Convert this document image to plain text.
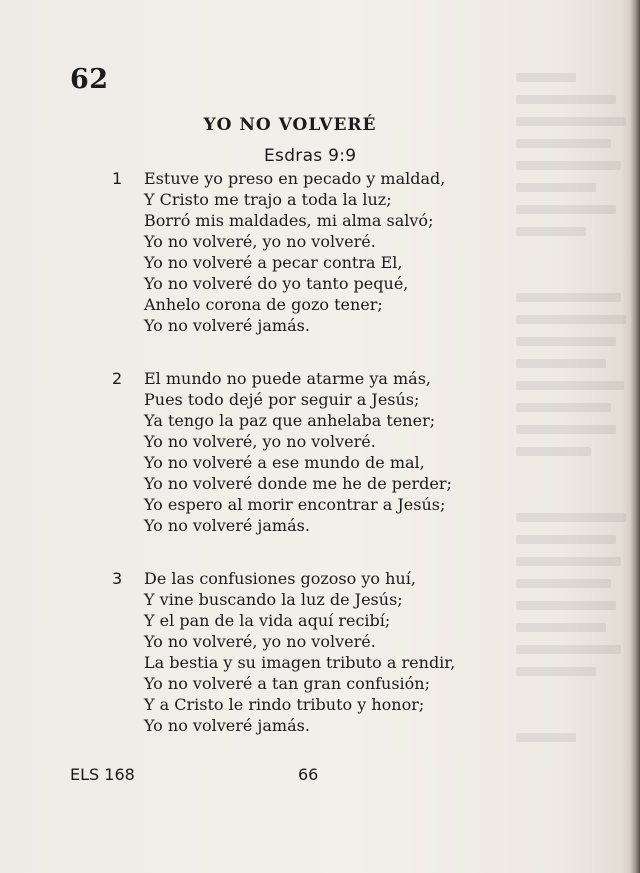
62
YO NO VOLVERÉ
Esdras 9:9
1 Estuve yo preso en pecado y maldad,
Y Cristo me trajo a toda la luz;
Borró mis maldades, mi alma salvó;
Yo no volveré, yo no volveré.
Yo no volveré a pecar contra El,
Yo no volveré do yo tanto pequé,
Anhelo corona de gozo tener;
Yo no volveré jamás.
2 El mundo no puede atarme ya más,
Pues todo dejé por seguir a Jesús;
Ya tengo la paz que anhelaba tener;
Yo no volveré, yo no volveré.
Yo no volveré a ese mundo de mal,
Yo no volveré donde me he de perder;
Yo espero al morir encontrar a Jesús;
Yo no volveré jamás.
3 De las confusiones gozoso yo huí,
Y vine buscando la luz de Jesús;
Y el pan de la vida aquí recibí;
Yo no volveré, yo no volveré.
La bestia y su imagen tributo a rendir,
Yo no volveré a tan gran confusión;
Y a Cristo le rindo tributo y honor;
Yo no volveré jamás.
ELS 168	66
